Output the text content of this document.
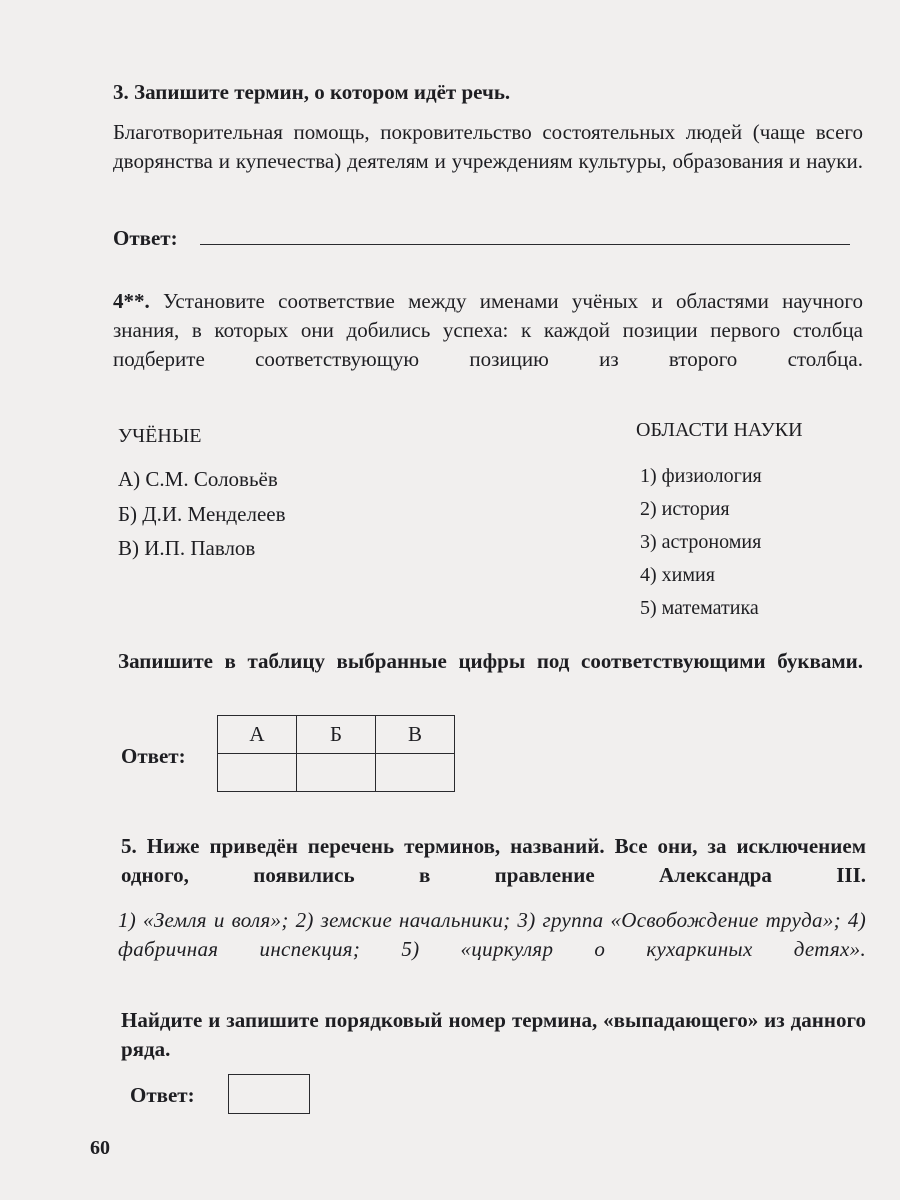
3. Запишите термин, о котором идёт речь.

Благотворительная помощь, покровительство состоятельных людей (чаще всего дворянства и купечества) деятелям и учреждениям культуры, образования и науки.

Ответ:

4**. Установите соответствие между именами учёных и областями научного знания, в которых они добились успеха: к каждой позиции первого столбца подберите соответствующую позицию из второго столбца.

УЧЁНЫЕ	ОБЛАСТИ НАУКИ

А) С.М. Соловьёв
Б) Д.И. Менделеев
В) И.П. Павлов
1) физиология
2) история
3) астрономия
4) химия
5) математика

Запишите в таблицу выбранные цифры под соответствующими буквами.

Ответ:

А	Б	В

5. Ниже приведён перечень терминов, названий. Все они, за исключением одного, появились в правление Александра III.

1) «Земля и воля»; 2) земские начальники; 3) группа «Освобождение труда»; 4) фабричная инспекция; 5) «циркуляр о кухаркиных детях».

Найдите и запишите порядковый номер термина, «выпадающего» из данного ряда.

Ответ:

60
